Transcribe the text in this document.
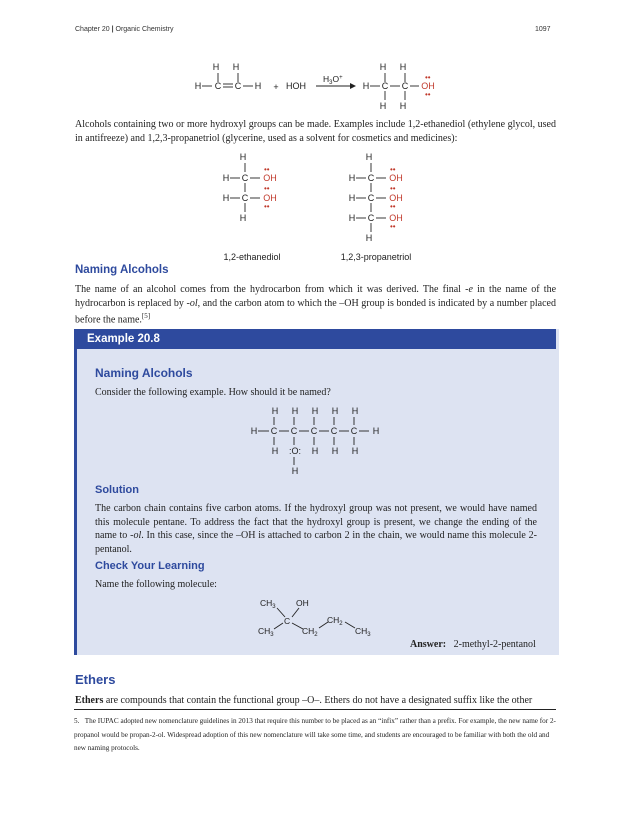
Chapter 20 | Organic Chemistry	1097
H H
H C C H + HOH
$H_3O^+$
H H
H C C OH
••
••
H H
Alcohols containing two or more hydroxyl groups can be made. Examples include 1,2-ethanediol (ethylene glycol, used in antifreeze) and 1,2,3-propanetriol (glycerine, used as a solvent for cosmetics and medicines):
H
H C OH
••
H C OH
••
••
H
1,2-ethanediol
H
H C OH
••
H C OH
••
••
H C OH
••
H
1,2,3-propanetriol
Naming Alcohols
The name of an alcohol comes from the hydrocarbon from which it was derived. The final -e in the name of the hydrocarbon is replaced by -ol, and the carbon atom to which the –OH group is bonded is indicated by a number placed before the name.[5]
Example 20.8
Naming Alcohols
Consider the following example. How should it be named?
H H H H H
H C C C C C H
H :O: H H H
H
Solution
The carbon chain contains five carbon atoms. If the hydroxyl group was not present, we would have named this molecule pentane. To address the fact that the hydroxyl group is present, we change the ending of the name to -ol. In this case, since the –OH is attached to carbon 2 in the chain, we would name this molecule 2-pentanol.
Check Your Learning
Name the following molecule:
$CH_3$ OH
C
$CH_3$	$CH_2$
$CH_2$
$CH_3$
Answer: 2-methyl-2-pentanol
Ethers
Ethers are compounds that contain the functional group –O–. Ethers do not have a designated suffix like the other
5. The IUPAC adopted new nomenclature guidelines in 2013 that require this number to be placed as an “infix” rather than a prefix. For example, the new name for 2-propanol would be propan-2-ol. Widespread adoption of this new nomenclature will take some time, and students are encouraged to be familiar with both the old and new naming protocols.
